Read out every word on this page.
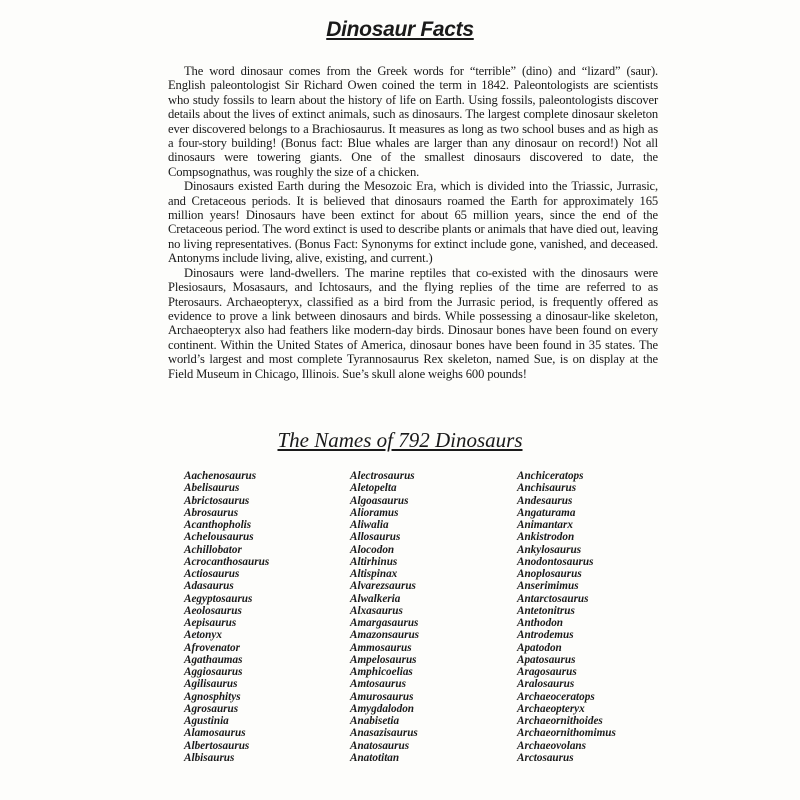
Dinosaur Facts

The word dinosaur comes from the Greek words for “terrible” (dino) and “lizard” (saur). English paleontologist Sir Richard Owen coined the term in 1842. Paleontologists are scientists who study fossils to learn about the history of life on Earth. Using fossils, paleontologists discover details about the lives of extinct animals, such as dinosaurs. The largest complete dinosaur skeleton ever discovered belongs to a Brachiosaurus. It measures as long as two school buses and as high as a four-story building! (Bonus fact: Blue whales are larger than any dinosaur on record!) Not all dinosaurs were towering giants. One of the smallest dinosaurs discovered to date, the Compsognathus, was roughly the size of a chicken.

Dinosaurs existed Earth during the Mesozoic Era, which is divided into the Triassic, Jurrasic, and Cretaceous periods. It is believed that dinosaurs roamed the Earth for approximately 165 million years! Dinosaurs have been extinct for about 65 million years, since the end of the Cretaceous period. The word extinct is used to describe plants or animals that have died out, leaving no living representatives. (Bonus Fact: Synonyms for extinct include gone, vanished, and deceased. Antonyms include living, alive, existing, and current.)

Dinosaurs were land-dwellers. The marine reptiles that co-existed with the dinosaurs were Plesiosaurs, Mosasaurs, and Ichtosaurs, and the flying replies of the time are referred to as Pterosaurs. Archaeopteryx, classified as a bird from the Jurrasic period, is frequently offered as evidence to prove a link between dinosaurs and birds. While possessing a dinosaur-like skeleton, Archaeopteryx also had feathers like modern-day birds. Dinosaur bones have been found on every continent. Within the United States of America, dinosaur bones have been found in 35 states. The world’s largest and most complete Tyrannosaurus Rex skeleton, named Sue, is on display at the Field Museum in Chicago, Illinois. Sue’s skull alone weighs 600 pounds!

The Names of 792 Dinosaurs
Aachenosaurus
Abelisaurus
Abrictosaurus
Abrosaurus
Acanthopholis
Achelousaurus
Achillobator
Acrocanthosaurus
Actiosaurus
Adasaurus
Aegyptosaurus
Aeolosaurus
Aepisaurus
Aetonyx
Afrovenator
Agathaumas
Aggiosaurus
Agilisaurus
Agnosphitys
Agrosaurus
Agustinia
Alamosaurus
Albertosaurus
Albisaurus
Alectrosaurus
Aletopelta
Algoasaurus
Alioramus
Aliwalia
Allosaurus
Alocodon
Altirhinus
Altispinax
Alvarezsaurus
Alwalkeria
Alxasaurus
Amargasaurus
Amazonsaurus
Ammosaurus
Ampelosaurus
Amphicoelias
Amtosaurus
Amurosaurus
Amygdalodon
Anabisetia
Anasazisaurus
Anatosaurus
Anatotitan
Anchiceratops
Anchisaurus
Andesaurus
Angaturama
Animantarx
Ankistrodon
Ankylosaurus
Anodontosaurus
Anoplosaurus
Anserimimus
Antarctosaurus
Antetonitrus
Anthodon
Antrodemus
Apatodon
Apatosaurus
Aragosaurus
Aralosaurus
Archaeoceratops
Archaeopteryx
Archaeornithoides
Archaeornithomimus
Archaeovolans
Arctosaurus
